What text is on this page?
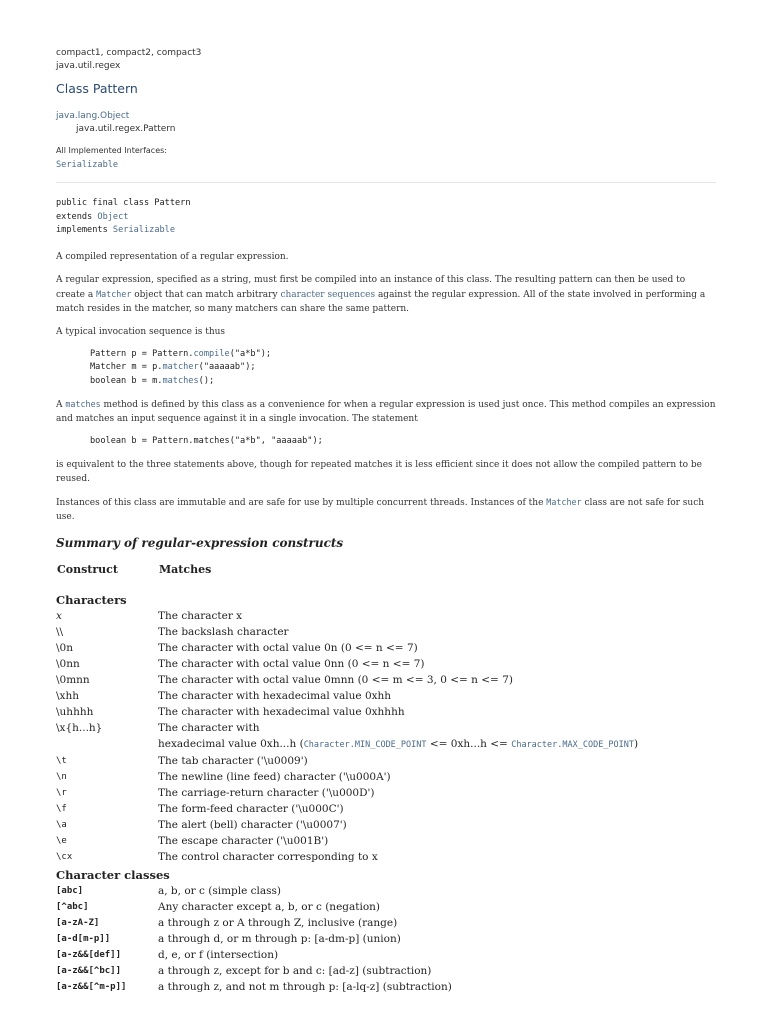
compact1, compact2, compact3
java.util.regex
Class Pattern
java.lang.Object
java.util.regex.Pattern
All Implemented Interfaces:
Serializable
public final class Pattern
extends Object
implements Serializable

A compiled representation of a regular expression.

A regular expression, specified as a string, must first be compiled into an instance of this class. The resulting pattern can then be used to create a Matcher object that can match arbitrary character sequences against the regular expression. All of the state involved in performing a match resides in the matcher, so many matchers can share the same pattern.

A typical invocation sequence is thus

Pattern p = Pattern.compile("a*b");
Matcher m = p.matcher("aaaaab");
boolean b = m.matches();

A matches method is defined by this class as a convenience for when a regular expression is used just once. This method compiles an expression and matches an input sequence against it in a single invocation. The statement

boolean b = Pattern.matches("a*b", "aaaaab");

is equivalent to the three statements above, though for repeated matches it is less efficient since it does not allow the compiled pattern to be reused.

Instances of this class are immutable and are safe for use by multiple concurrent threads. Instances of the Matcher class are not safe for such use.

Summary of regular-expression constructs
Construct	Matches
Characters	
x	The character x
\\	The backslash character
\0n	The character with octal value 0n (0 <= n <= 7)
\0nn	The character with octal value 0nn (0 <= n <= 7)
\0mnn	The character with octal value 0mnn (0 <= m <= 3, 0 <= n <= 7)
\xhh	The character with hexadecimal value 0xhh
\uhhhh	The character with hexadecimal value 0xhhhh
\x{h...h}	The character with
hexadecimal value 0xh...h (Character.MIN_CODE_POINT <= 0xh...h <= Character.MAX_CODE_POINT)

\t	The tab character ('\u0009')
\n	The newline (line feed) character ('\u000A')
\r	The carriage-return character ('\u000D')
\f	The form-feed character ('\u000C')
\a	The alert (bell) character ('\u0007')
\e	The escape character ('\u001B')
\cx	The control character corresponding to x
Character classes	
[abc]	a, b, or c (simple class)
[^abc]	Any character except a, b, or c (negation)
[a-zA-Z]	a through z or A through Z, inclusive (range)
[a-d[m-p]]	a through d, or m through p: [a-dm-p] (union)
[a-z&&[def]]	d, e, or f (intersection)
[a-z&&[^bc]]	a through z, except for b and c: [ad-z] (subtraction)
[a-z&&[^m-p]]	a through z, and not m through p: [a-lq-z] (subtraction)
